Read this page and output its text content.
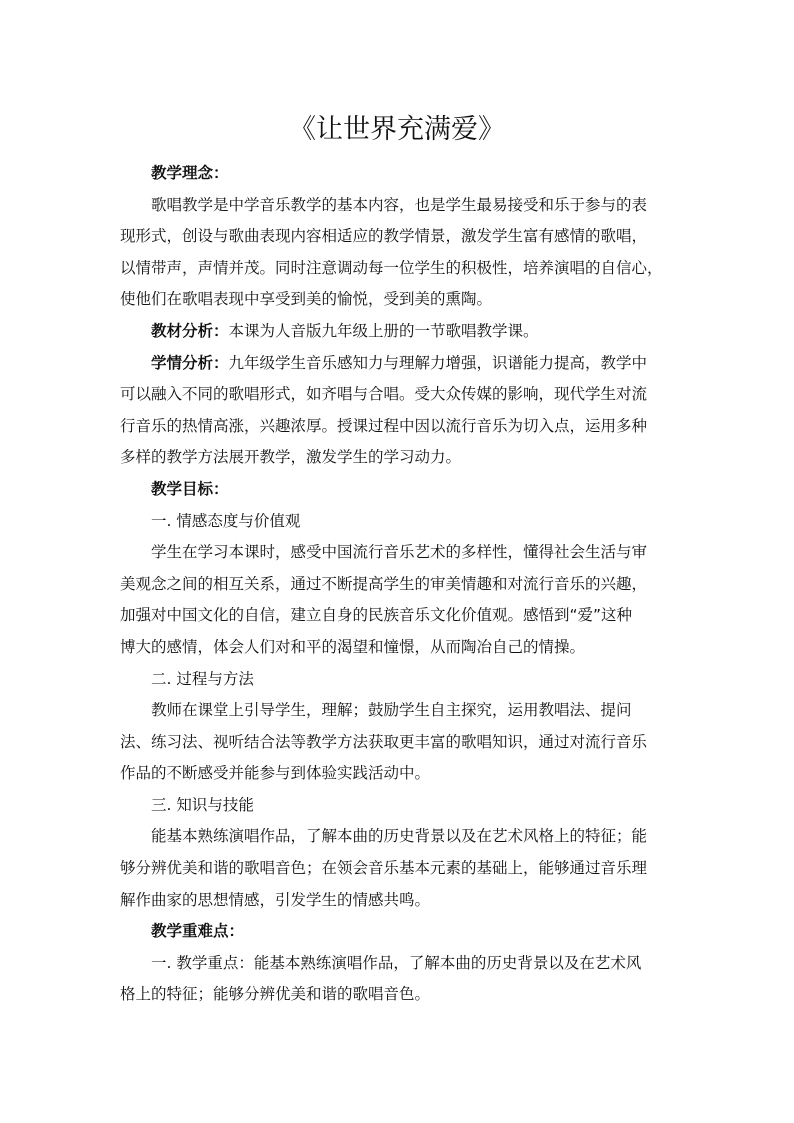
《让世界充满爱》
教学理念：
歌唱教学是中学音乐教学的基本内容，也是学生最易接受和乐于参与的表
现形式，创设与歌曲表现内容相适应的教学情景，激发学生富有感情的歌唱，
以情带声，声情并茂。同时注意调动每一位学生的积极性，培养演唱的自信心，
使他们在歌唱表现中享受到美的愉悦，受到美的熏陶。
教材分析：本课为人音版九年级上册的一节歌唱教学课。
学情分析：九年级学生音乐感知力与理解力增强，识谱能力提高，教学中
可以融入不同的歌唱形式，如齐唱与合唱。受大众传媒的影响，现代学生对流
行音乐的热情高涨，兴趣浓厚。授课过程中因以流行音乐为切入点，运用多种
多样的教学方法展开教学，激发学生的学习动力。
教学目标：
一. 情感态度与价值观
学生在学习本课时，感受中国流行音乐艺术的多样性，懂得社会生活与审
美观念之间的相互关系，通过不断提高学生的审美情趣和对流行音乐的兴趣，
加强对中国文化的自信，建立自身的民族音乐文化价值观。感悟到“爱”这种
博大的感情，体会人们对和平的渴望和憧憬，从而陶冶自己的情操。
二. 过程与方法
教师在课堂上引导学生，理解；鼓励学生自主探究，运用教唱法、提问
法、练习法、视听结合法等教学方法获取更丰富的歌唱知识，通过对流行音乐
作品的不断感受并能参与到体验实践活动中。
三. 知识与技能
能基本熟练演唱作品，了解本曲的历史背景以及在艺术风格上的特征；能
够分辨优美和谐的歌唱音色；在领会音乐基本元素的基础上，能够通过音乐理
解作曲家的思想情感，引发学生的情感共鸣。
教学重难点：
一. 教学重点：能基本熟练演唱作品，了解本曲的历史背景以及在艺术风
格上的特征；能够分辨优美和谐的歌唱音色。
